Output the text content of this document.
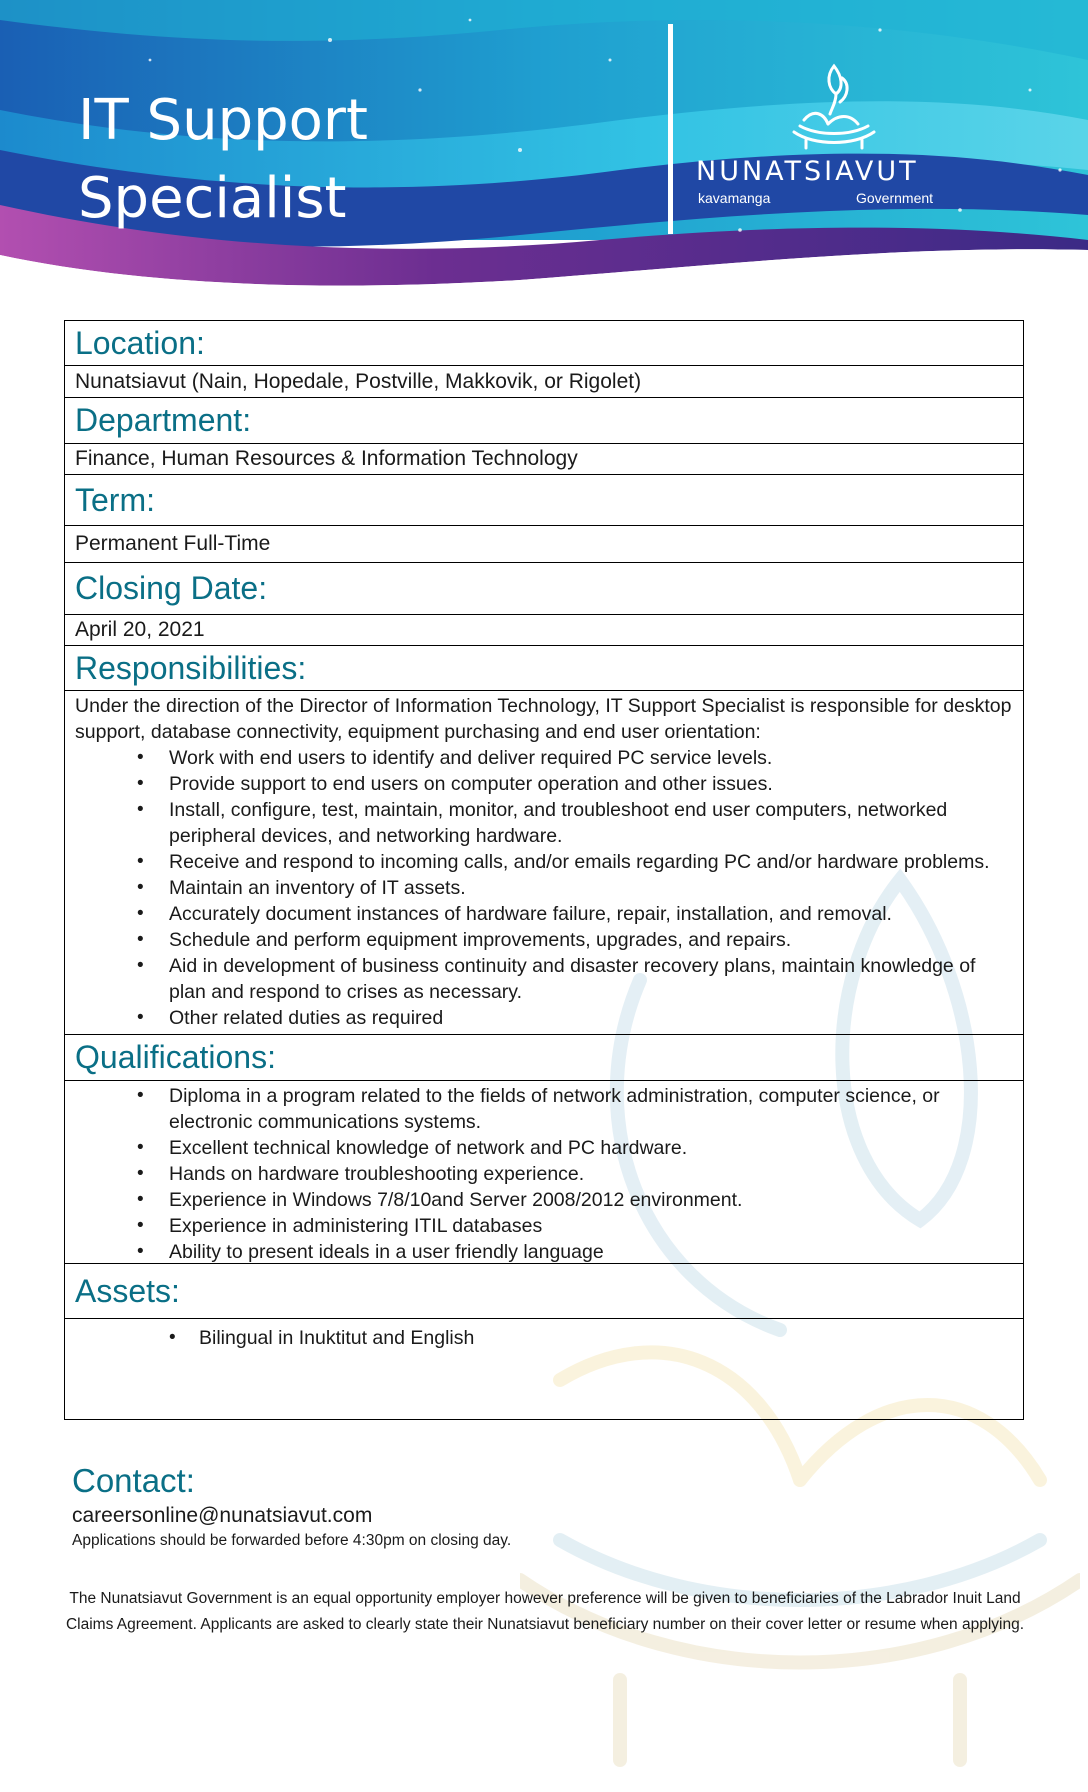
IT Support
Specialist	NUNATSIAVUT
kavamanga	Government
Location:
Nunatsiavut (Nain, Hopedale, Postville, Makkovik, or Rigolet)
Department:
Finance, Human Resources & Information Technology
Term:
Permanent Full-Time
Closing Date:
April 20, 2021
Responsibilities:
Under the direction of the Director of Information Technology, IT Support Specialist is responsible for desktop support, database connectivity, equipment purchasing and end user orientation:
• Work with end users to identify and deliver required PC service levels.
• Provide support to end users on computer operation and other issues.
• Install, configure, test, maintain, monitor, and troubleshoot end user computers, networked peripheral devices, and networking hardware.
• Receive and respond to incoming calls, and/or emails regarding PC and/or hardware problems.
• Maintain an inventory of IT assets.
• Accurately document instances of hardware failure, repair, installation, and removal.
• Schedule and perform equipment improvements, upgrades, and repairs.
• Aid in development of business continuity and disaster recovery plans, maintain knowledge of plan and respond to crises as necessary.
• Other related duties as required
Qualifications:
• Diploma in a program related to the fields of network administration, computer science, or electronic communications systems.
• Excellent technical knowledge of network and PC hardware.
• Hands on hardware troubleshooting experience.
• Experience in Windows 7/8/10and Server 2008/2012 environment.
• Experience in administering ITIL databases
• Ability to present ideals in a user friendly language
Assets:
• Bilingual in Inuktitut and English
Contact:
careersonline@nunatsiavut.com
Applications should be forwarded before 4:30pm on closing day.
The Nunatsiavut Government is an equal opportunity employer however preference will be given to beneficiaries of the Labrador Inuit Land Claims Agreement. Applicants are asked to clearly state their Nunatsiavut beneficiary number on their cover letter or resume when applying.
